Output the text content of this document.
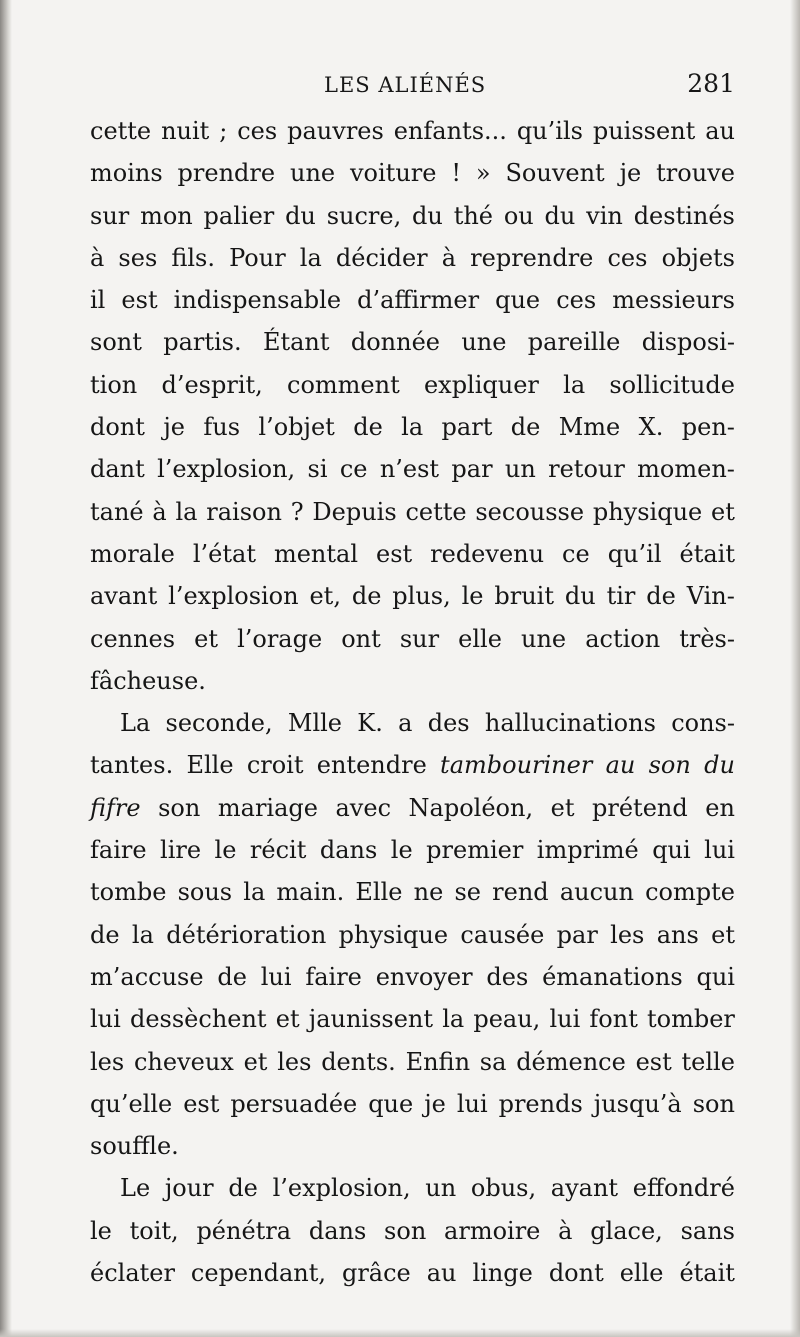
LES ALIÉNÉS	281
cette nuit ; ces pauvres enfants... qu’ils puissent au
moins prendre une voiture ! » Souvent je trouve
sur mon palier du sucre, du thé ou du vin destinés
à ses fils. Pour la décider à reprendre ces objets
il est indispensable d’affirmer que ces messieurs
sont partis. Étant donnée une pareille disposi-
tion d’esprit, comment expliquer la sollicitude
dont je fus l’objet de la part de Mme X. pen-
dant l’explosion, si ce n’est par un retour momen-
tané à la raison ? Depuis cette secousse physique et
morale l’état mental est redevenu ce qu’il était
avant l’explosion et, de plus, le bruit du tir de Vin-
cennes et l’orage ont sur elle une action très-
fâcheuse.
La seconde, Mlle K. a des hallucinations cons-
tantes. Elle croit entendre tambouriner au son du
fifre son mariage avec Napoléon, et prétend en
faire lire le récit dans le premier imprimé qui lui
tombe sous la main. Elle ne se rend aucun compte
de la détérioration physique causée par les ans et
m’accuse de lui faire envoyer des émanations qui
lui dessèchent et jaunissent la peau, lui font tomber
les cheveux et les dents. Enfin sa démence est telle
qu’elle est persuadée que je lui prends jusqu’à son
souffle.
Le jour de l’explosion, un obus, ayant effondré
le toit, pénétra dans son armoire à glace, sans
éclater cependant, grâce au linge dont elle était
